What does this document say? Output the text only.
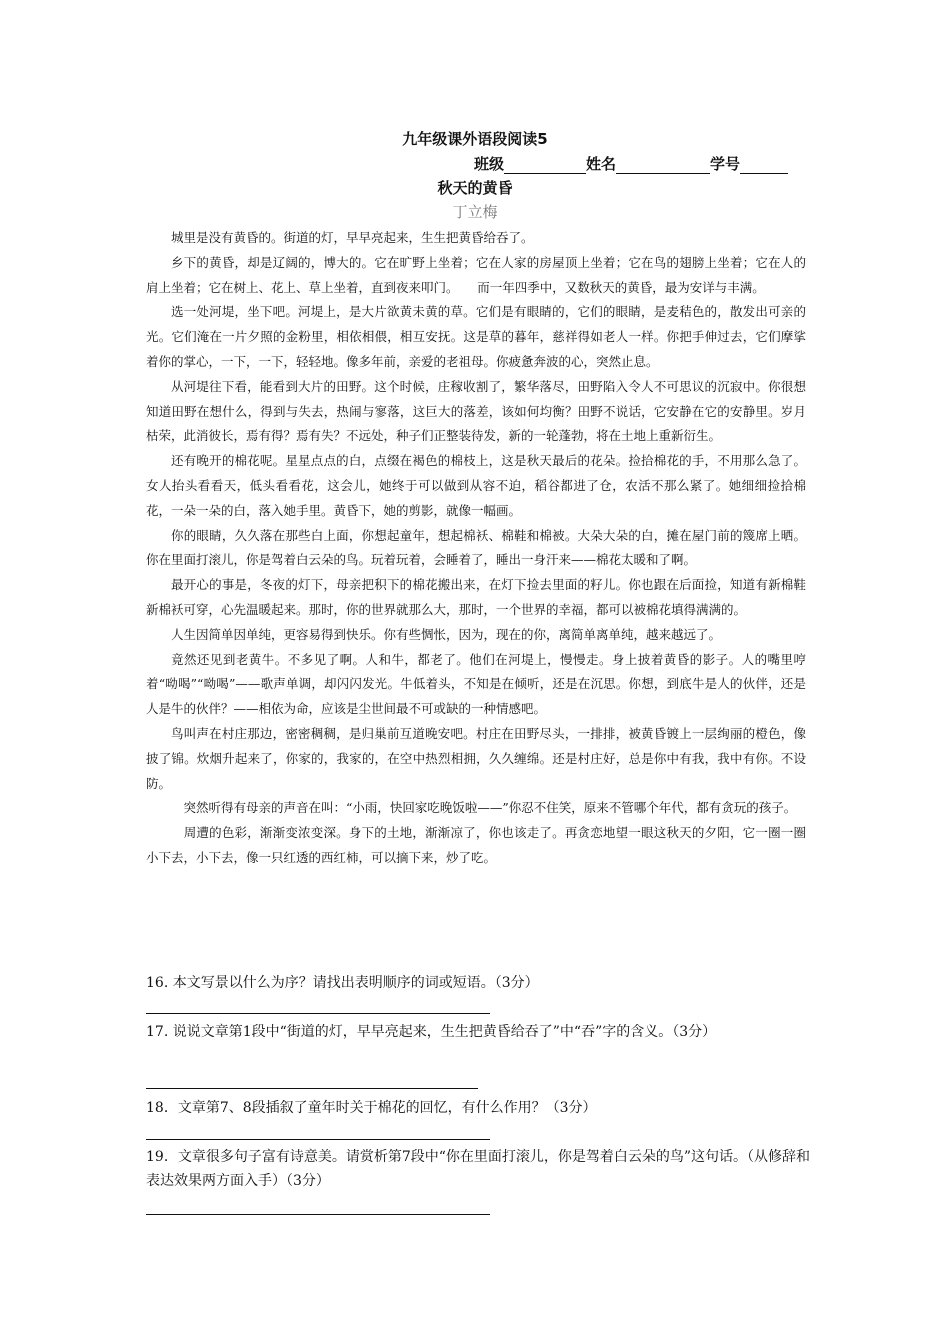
九年级课外语段阅读5
班级	姓名	学号
秋天的黄昏
丁立梅

城里是没有黄昏的。街道的灯，早早亮起来，生生把黄昏给吞了。

乡下的黄昏，却是辽阔的，博大的。它在旷野上坐着；它在人家的房屋顶上坐着；它在鸟的翅膀上坐着；它在人的肩上坐着；它在树上、花上、草上坐着，直到夜来叩门。　　而一年四季中，又数秋天的黄昏，最为安详与丰满。

选一处河堤，坐下吧。河堤上，是大片欲黄未黄的草。它们是有眼睛的，它们的眼睛，是麦秸色的，散发出可亲的光。它们淹在一片夕照的金粉里，相依相偎，相互安抚。这是草的暮年，慈祥得如老人一样。你把手伸过去，它们摩挲着你的掌心，一下，一下，轻轻地。像多年前，亲爱的老祖母。你疲惫奔波的心，突然止息。

从河堤往下看，能看到大片的田野。这个时候，庄稼收割了，繁华落尽，田野陷入令人不可思议的沉寂中。你很想知道田野在想什么，得到与失去，热闹与寥落，这巨大的落差，该如何均衡？田野不说话，它安静在它的安静里。岁月枯荣，此消彼长，焉有得？焉有失？不远处，种子们正整装待发，新的一轮蓬勃，将在土地上重新衍生。

还有晚开的棉花呢。星星点点的白，点缀在褐色的棉枝上，这是秋天最后的花朵。捡拾棉花的手，不用那么急了。女人抬头看看天，低头看看花，这会儿，她终于可以做到从容不迫，稻谷都进了仓，农活不那么紧了。她细细捡拾棉花，一朵一朵的白，落入她手里。黄昏下，她的剪影，就像一幅画。

你的眼睛，久久落在那些白上面，你想起童年，想起棉袄、棉鞋和棉被。大朵大朵的白，摊在屋门前的篾席上晒。你在里面打滚儿，你是驾着白云朵的鸟。玩着玩着，会睡着了，睡出一身汗来——棉花太暖和了啊。

最开心的事是，冬夜的灯下，母亲把积下的棉花搬出来，在灯下捡去里面的籽儿。你也跟在后面捡，知道有新棉鞋新棉袄可穿，心先温暖起来。那时，你的世界就那么大，那时，一个世界的幸福，都可以被棉花填得满满的。

人生因简单因单纯，更容易得到快乐。你有些惆怅，因为，现在的你，离简单离单纯，越来越远了。

竟然还见到老黄牛。不多见了啊。人和牛，都老了。他们在河堤上，慢慢走。身上披着黄昏的影子。人的嘴里哼着“呦喝”“呦喝”——歌声单调，却闪闪发光。牛低着头，不知是在倾听，还是在沉思。你想，到底牛是人的伙伴，还是人是牛的伙伴？——相依为命，应该是尘世间最不可或缺的一种情感吧。

鸟叫声在村庄那边，密密稠稠，是归巢前互道晚安吧。村庄在田野尽头，一排排，被黄昏镀上一层绚丽的橙色，像披了锦。炊烟升起来了，你家的，我家的，在空中热烈相拥，久久缠绵。还是村庄好，总是你中有我，我中有你。不设防。

　突然听得有母亲的声音在叫：“小雨，快回家吃晚饭啦——”你忍不住笑，原来不管哪个年代，都有贪玩的孩子。

　周遭的色彩，渐渐变浓变深。身下的土地，渐渐凉了，你也该走了。再贪恋地望一眼这秋天的夕阳，它一圈一圈小下去，小下去，像一只红透的西红柿，可以摘下来，炒了吃。

16. 本文写景以什么为序？请找出表明顺序的词或短语。（3分）
17. 说说文章第1段中“街道的灯，早早亮起来，生生把黄昏给吞了”中“吞”字的含义。（3分）
18．文章第7、8段插叙了童年时关于棉花的回忆，有什么作用？（3分）
19．文章很多句子富有诗意美。请赏析第7段中“你在里面打滚儿，你是驾着白云朵的鸟”这句话。（从修辞和表达效果两方面入手）（3分）
